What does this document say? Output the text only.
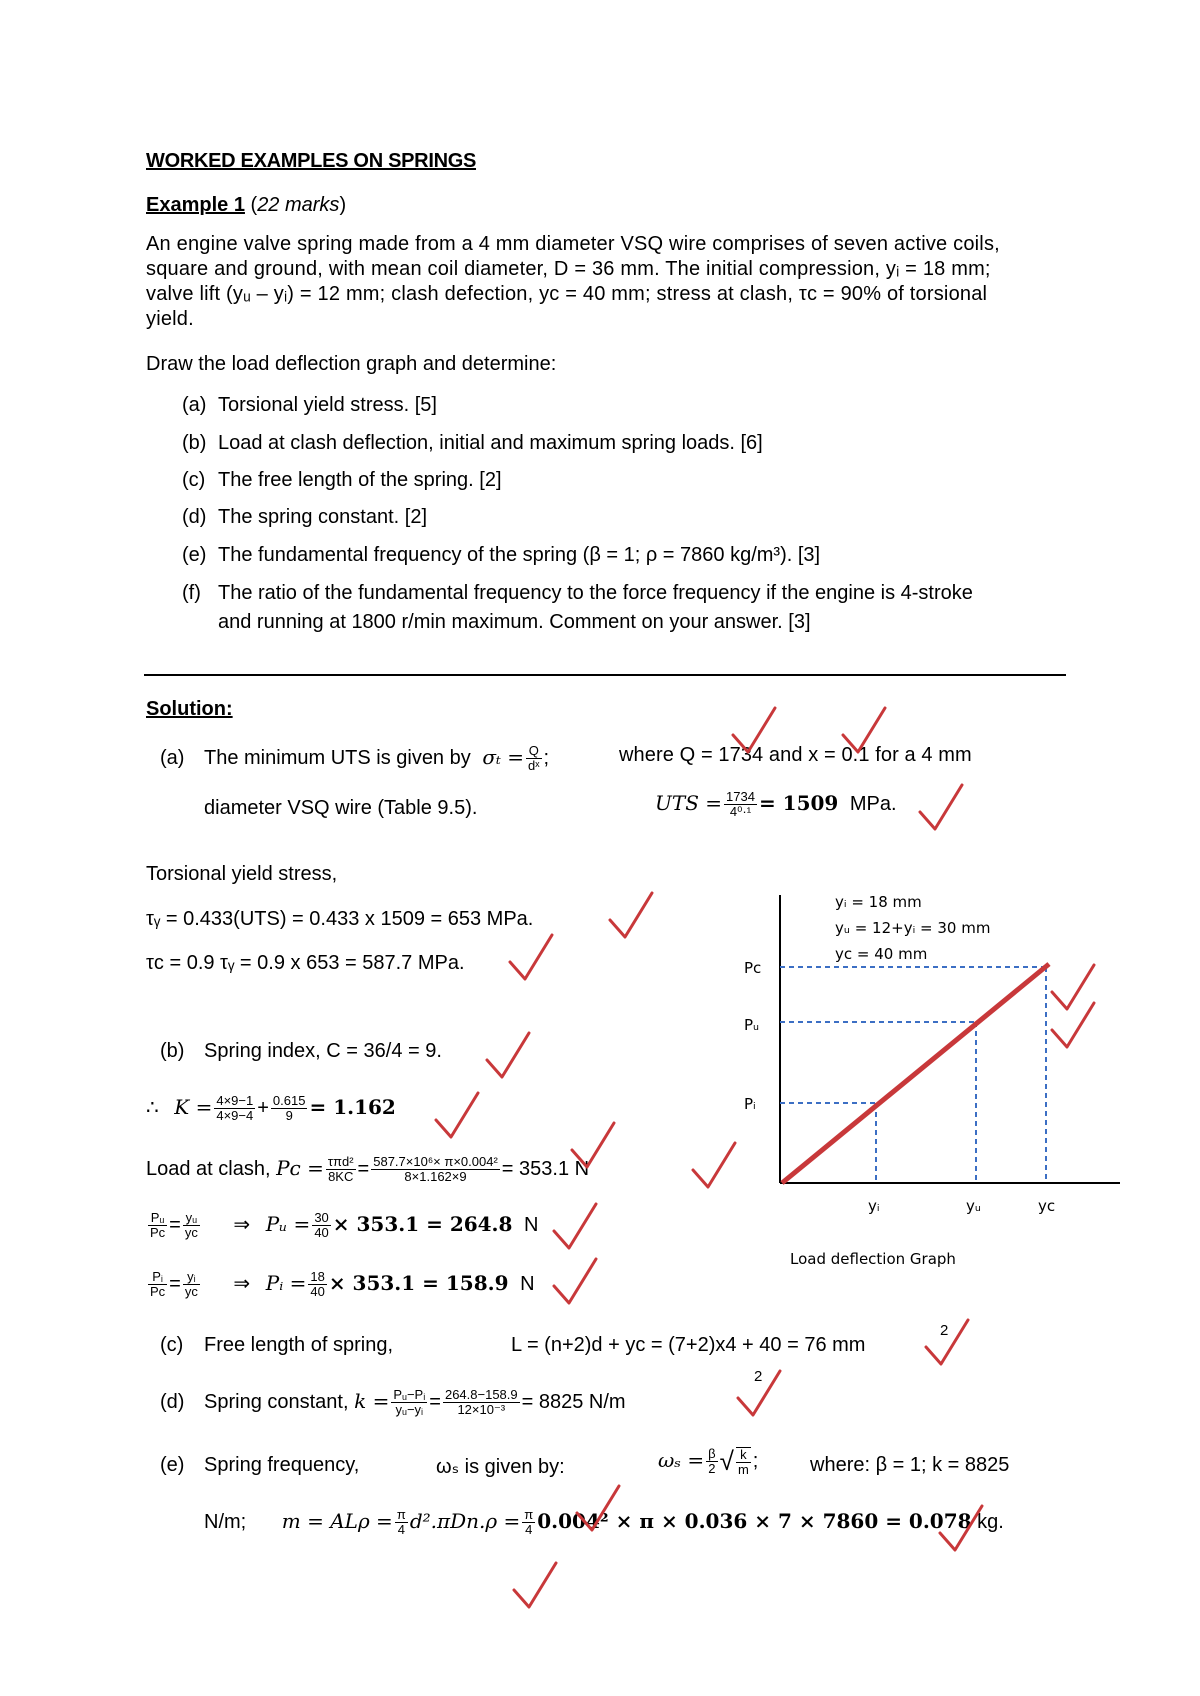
WORKED EXAMPLES ON SPRINGS
Example 1 (22 marks)
An engine valve spring made from a 4 mm diameter VSQ wire comprises of seven active coils,
square and ground, with mean coil diameter, D = 36 mm. The initial compression, yᵢ = 18 mm;
valve lift (yᵤ – yᵢ) = 12 mm; clash defection, yᴄ = 40 mm; stress at clash, τᴄ = 90% of torsional
yield.
Draw the load deflection graph and determine:
(a) Torsional yield stress. [5]
(b) Load at clash deflection, initial and maximum spring loads. [6]
(c) The free length of the spring. [2]
(d) The spring constant. [2]
(e) The fundamental frequency of the spring (β = 1; ρ = 7860 kg/m³). [3]
(f) The ratio of the fundamental frequency to the force frequency if the engine is 4-stroke
and running at 1800 r/min maximum. Comment on your answer. [3]
Solution:
(a) The minimum UTS is given by $\sigma_t = \frac{Q}{\text{dˣ}}$ ;	where Q = 1734 and x = 0.1 for a 4 mm
diameter VSQ wire (Table 9.5).	UTS = $\frac{1734}{\text{4⁰·¹}} = 1509$ MPa.
Torsional yield stress,
τᵧ = 0.433(UTS) = 0.433 x 1509 = 653 MPa.
τᴄ = 0.9 τᵧ = 0.9 x 653 = 587.7 MPa.
(b) Spring index, C = 36/4 = 9.
∴ $K = \frac{4\times 9-1}{4\times 9-4} + \frac{0.615}{9} = 1.162$
Load at clash, Pᴄ = $\frac{\text{τπd²}}{8KC} = \frac{\text{587.7×10⁶× π×0.004²}}{8\times 1.162\times 9} = 353.1$ N
$\frac{\text{Pᵤ}}{\text{Pᴄ}} = \frac{\text{yᵤ}}{\text{yᴄ}}$ ⇒ Pᵤ = $\frac{30}{40} \times 353.1 = 264.8$ N
$\frac{\text{Pᵢ}}{\text{Pᴄ}} = \frac{\text{yᵢ}}{\text{yᴄ}}$ ⇒ Pᵢ = $\frac{18}{40} \times 353.1 = 158.9$ N
(c) Free length of spring,	L = (n+2)d + yᴄ = (7+2)x4 + 40 = 76 mm
2
(d) Spring constant, $k = \frac{\text{Pᵤ−Pᵢ}}{\text{yᵤ−yᵢ}} = \frac{264.8-158.9}{\text{12×10⁻³}} = 8825$ N/m
2
(e) Spring frequency,	ωₛ is given by:	$\omega_s = \frac{\beta}{2}$ √ $\frac{k}{m}$ ;	where: β = 1; k = 8825
N/m; $m = AL\rho = \frac{\pi}{4} d^2.\pi Dn.\rho = \frac{\pi}{4} 0.004^2 \times \pi \times 0.036 \times 7 \times 7860 = 0.078$ kg.
yᵢ = 18 mm
yᵤ = 12+yᵢ = 30 mm
yᴄ = 40 mm
Pᴄ
Pᵤ
Pᵢ
yᵢ	yᵤ	yᴄ
Load deflection Graph
